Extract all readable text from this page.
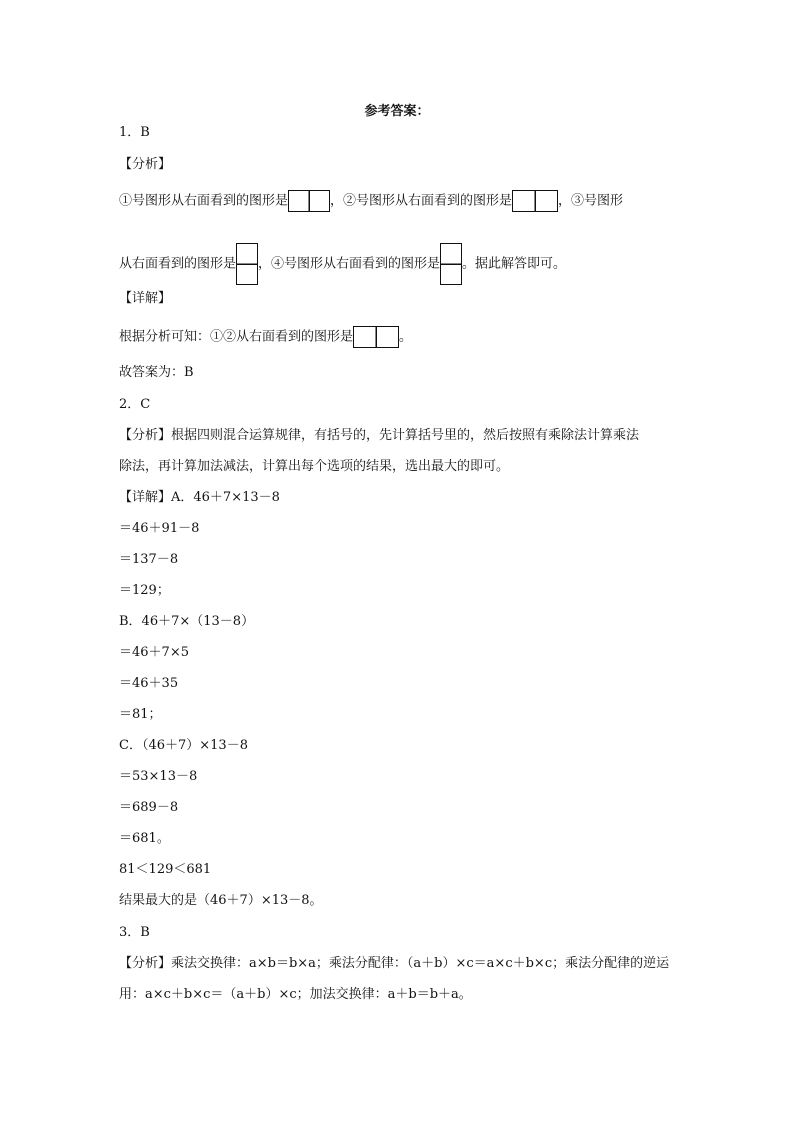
参考答案：
1．B
【分析】
①号图形从右面看到的图形是	，②号图形从右面看到的图形是	，③号图形
从右面看到的图形是 ，④号图形从右面看到的图形是 。据此解答即可。
【详解】
根据分析可知：①②从右面看到的图形是	。
故答案为：B
2．C
【分析】根据四则混合运算规律，有括号的，先计算括号里的，然后按照有乘除法计算乘法
除法，再计算加法减法，计算出每个选项的结果，选出最大的即可。
【详解】A．46＋7×13－8
＝46＋91－8
＝137－8
＝129；
B．46＋7×（13－8）
＝46＋7×5
＝46＋35
＝81；
C．（46＋7）×13－8
＝53×13－8
＝689－8
＝681。
81＜129＜681
结果最大的是（46＋7）×13－8。
3．B
【分析】乘法交换律：a×b＝b×a；乘法分配律：（a＋b）×c＝a×c＋b×c；乘法分配律的逆运
用：a×c＋b×c＝（a＋b）×c；加法交换律：a＋b＝b＋a。
